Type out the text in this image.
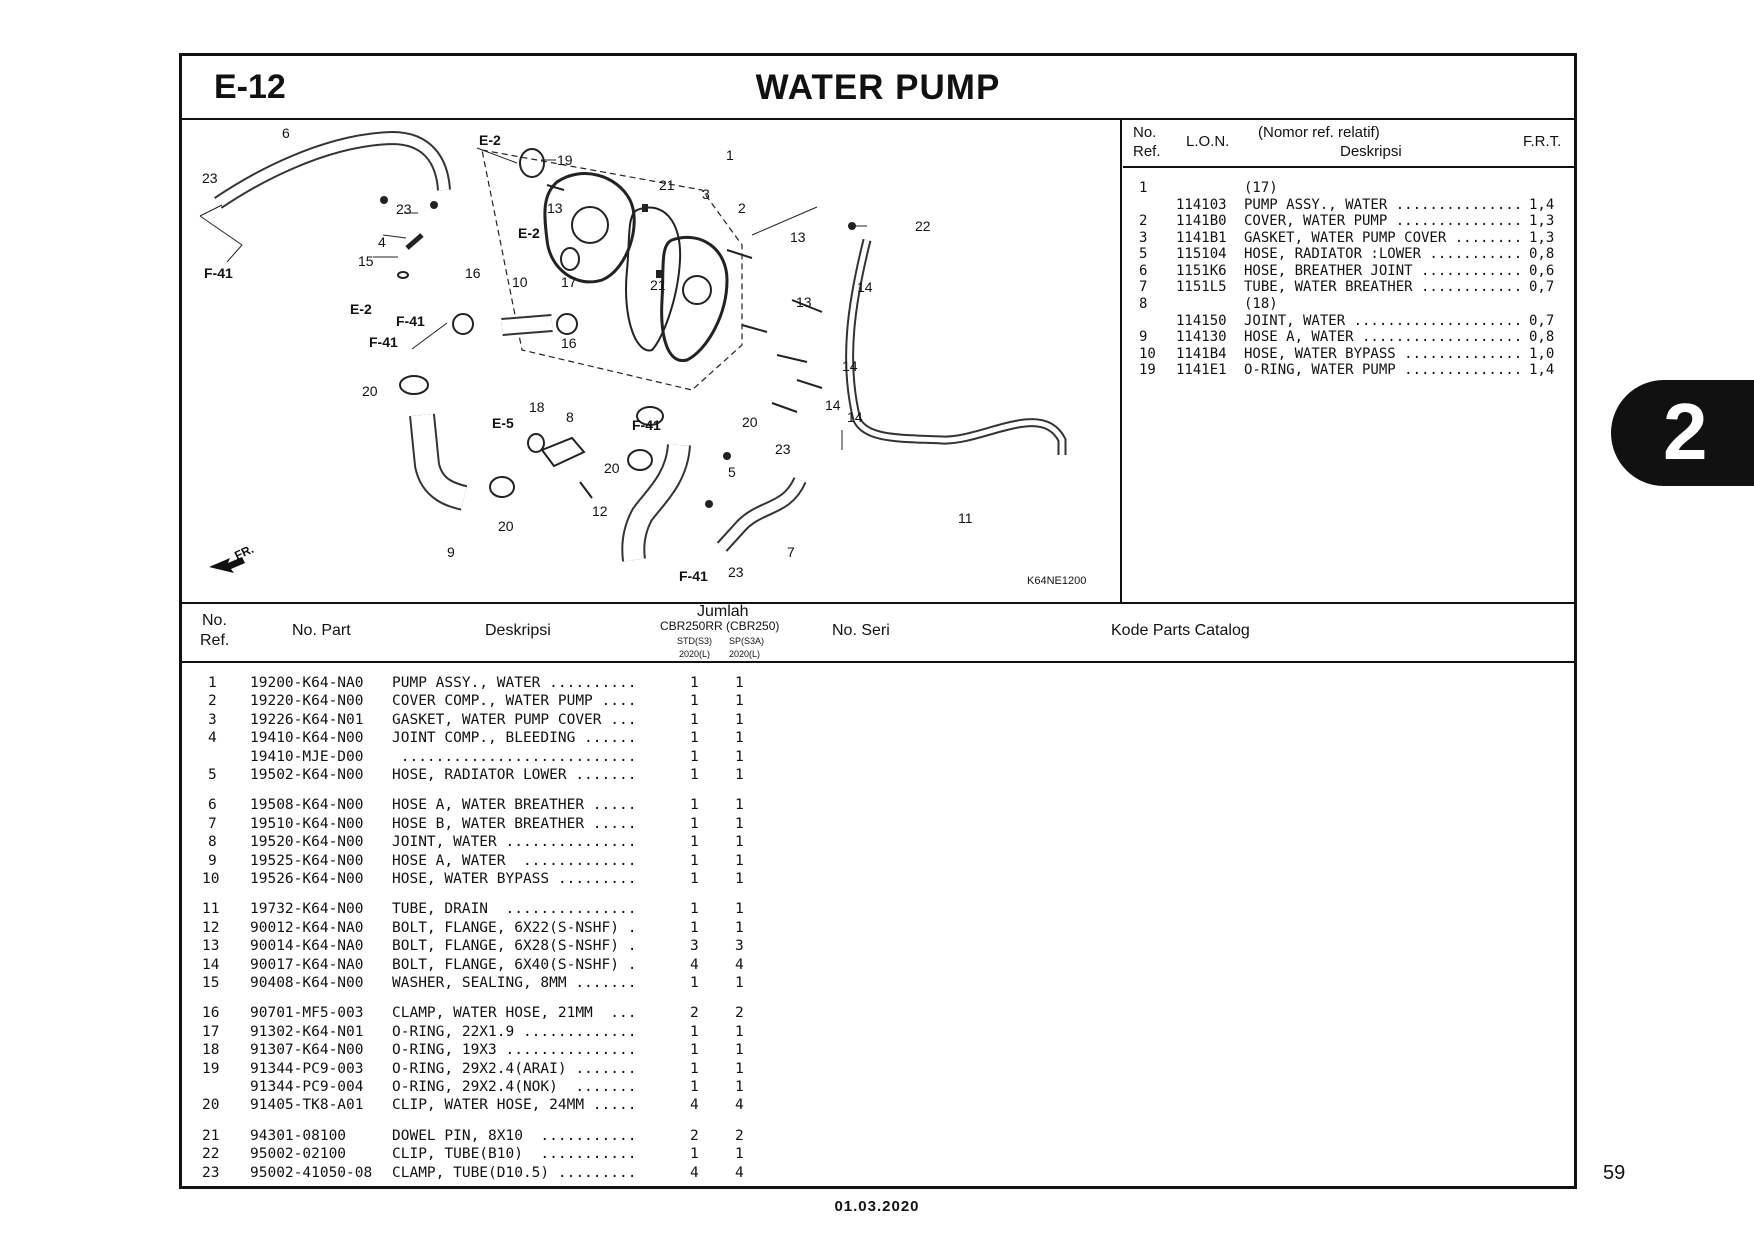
E-12	WATER PUMP
6
23
23
4
15
16
10 17
16
19	1
21
21
3
2
13
13
13
22
14
14
14
14
20
20
20
20
18
8
12
5
23
23
9	7
11
E-2
E-2
E-2
E-5
F-41
F-41
F-41
F-41
F-41
FR.
K64NE1200
No.
Ref.
L.O.N.
(Nomor ref. relatif)
Deskripsi
F.R.T.
1	(17)
114103 PUMP ASSY., WATER ............... 1,4
2 1141B0 COVER, WATER PUMP ............... 1,3
3 1141B1 GASKET, WATER PUMP COVER ........ 1,3
5 115104 HOSE, RADIATOR :LOWER ........... 0,8
6 1151K6 HOSE, BREATHER JOINT ............ 0,6
7 1151L5 TUBE, WATER BREATHER ............ 0,7
8	(18)
114150 JOINT, WATER .................... 0,7
9 114130 HOSE A, WATER ................... 0,8
10 1141B4 HOSE, WATER BYPASS .............. 1,0
19 1141E1 O-RING, WATER PUMP .............. 1,4
No.
Ref.
No. Part	Deskripsi
Jumlah
CBR250RR (CBR250)
STD(S3) SP(S3A)
2020(L) 2020(L)
No. Seri	Kode Parts Catalog
1 19200-K64-NA0 PUMP ASSY., WATER ..........	1	1
2 19220-K64-N00 COVER COMP., WATER PUMP ....	1	1
3 19226-K64-N01 GASKET, WATER PUMP COVER ...	1	1
4 19410-K64-N00 JOINT COMP., BLEEDING ......	1	1
19410-MJE-D00 ...........................	1	1
5 19502-K64-N00 HOSE, RADIATOR LOWER .......	1	1
6 19508-K64-N00 HOSE A, WATER BREATHER .....	1	1
7 19510-K64-N00 HOSE B, WATER BREATHER .....	1	1
8 19520-K64-N00 JOINT, WATER ...............	1	1
9 19525-K64-N00 HOSE A, WATER  .............	1	1
10 19526-K64-N00 HOSE, WATER BYPASS .........	1	1
11 19732-K64-N00 TUBE, DRAIN  ...............	1	1
12 90012-K64-NA0 BOLT, FLANGE, 6X22(S-NSHF) .	1	1
13 90014-K64-NA0 BOLT, FLANGE, 6X28(S-NSHF) .	3	3
14 90017-K64-NA0 BOLT, FLANGE, 6X40(S-NSHF) .	4	4
15 90408-K64-N00 WASHER, SEALING, 8MM .......	1	1
16 90701-MF5-003 CLAMP, WATER HOSE, 21MM  ...	2	2
17 91302-K64-N01 O-RING, 22X1.9 .............	1	1
18 91307-K64-N00 O-RING, 19X3 ...............	1	1
19 91344-PC9-003 O-RING, 29X2.4(ARAI) .......	1	1
91344-PC9-004 O-RING, 29X2.4(NOK)  .......	1	1
20 91405-TK8-A01 CLIP, WATER HOSE, 24MM .....	4	4
21 94301-08100	DOWEL PIN, 8X10  ...........	2	2
22 95002-02100	CLIP, TUBE(B10)  ...........	1	1
23 95002-41050-08 CLAMP, TUBE(D10.5) .........	4	4
2
59
01.03.2020
